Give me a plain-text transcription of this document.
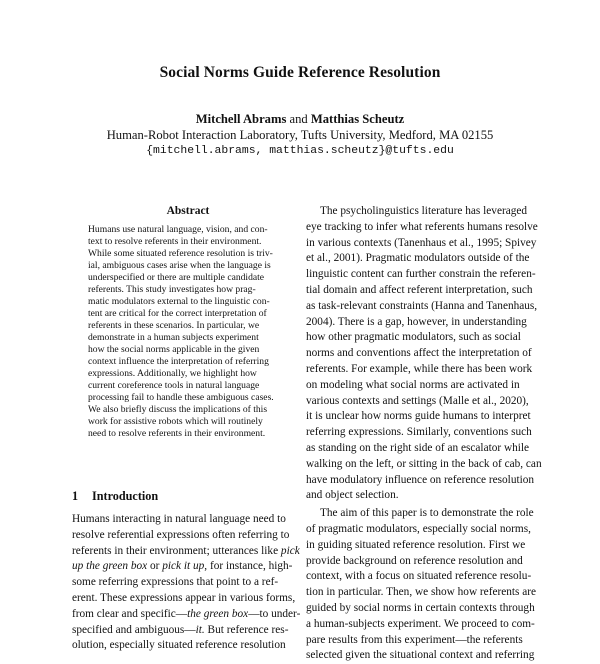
Social Norms Guide Reference Resolution
Mitchell Abrams and Matthias Scheutz
Human-Robot Interaction Laboratory, Tufts University, Medford, MA 02155
{mitchell.abrams, matthias.scheutz}@tufts.edu
Abstract
Humans use natural language, vision, and con-
text to resolve referents in their environment.
While some situated reference resolution is triv-
ial, ambiguous cases arise when the language is
underspecified or there are multiple candidate
referents. This study investigates how prag-
matic modulators external to the linguistic con-
tent are critical for the correct interpretation of
referents in these scenarios. In particular, we
demonstrate in a human subjects experiment
how the social norms applicable in the given
context influence the interpretation of referring
expressions. Additionally, we highlight how
current coreference tools in natural language
processing fail to handle these ambiguous cases.
We also briefly discuss the implications of this
work for assistive robots which will routinely
need to resolve referents in their environment.
1 Introduction
Humans interacting in natural language need to
resolve referential expressions often referring to
referents in their environment; utterances like pick
up the green box or pick it up, for instance, high-
some referring expressions that point to a ref-
erent. These expressions appear in various forms,
from clear and specific—the green box—to under-
specified and ambiguous—it. But reference res-
olution, especially situated reference resolution
The psycholinguistics literature has leveraged
eye tracking to infer what referents humans resolve
in various contexts (Tanenhaus et al., 1995; Spivey
et al., 2001). Pragmatic modulators outside of the
linguistic content can further constrain the referen-
tial domain and affect referent interpretation, such
as task-relevant constraints (Hanna and Tanenhaus,
2004). There is a gap, however, in understanding
how other pragmatic modulators, such as social
norms and conventions affect the interpretation of
referents. For example, while there has been work
on modeling what social norms are activated in
various contexts and settings (Malle et al., 2020),
it is unclear how norms guide humans to interpret
referring expressions. Similarly, conventions such
as standing on the right side of an escalator while
walking on the left, or sitting in the back of cab, can
have modulatory influence on reference resolution
and object selection.
The aim of this paper is to demonstrate the role
of pragmatic modulators, especially social norms,
in guiding situated reference resolution. First we
provide background on reference resolution and
context, with a focus on situated reference resolu-
tion in particular. Then, we show how referents are
guided by social norms in certain contexts through
a human-subjects experiment. We proceed to com-
pare results from this experiment—the referents
selected given the situational context and referring
